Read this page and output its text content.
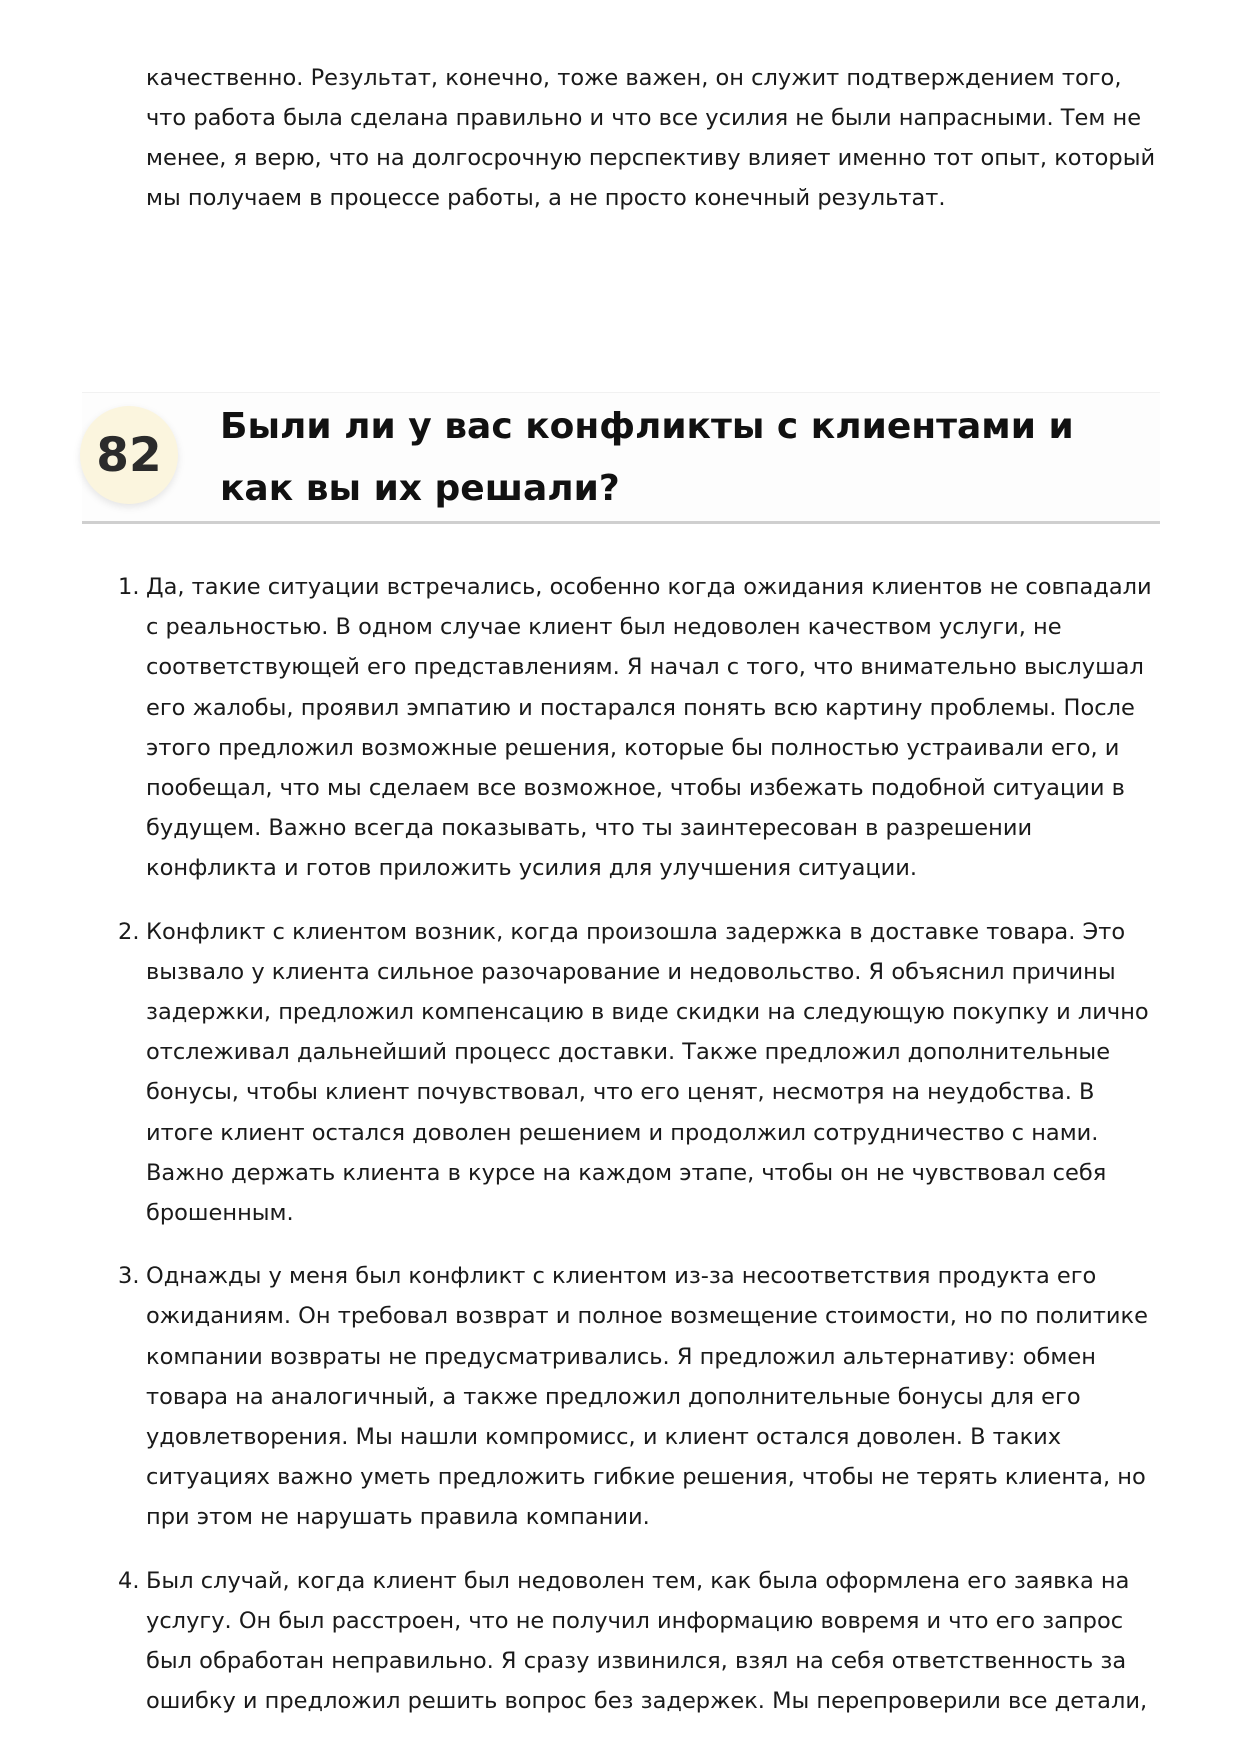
качественно. Результат, конечно, тоже важен, он служит подтверждением того, что работа была сделана правильно и что все усилия не были напрасными. Тем не менее, я верю, что на долгосрочную перспективу влияет именно тот опыт, который мы получаем в процессе работы, а не просто конечный результат.

82
Были ли у вас конфликты с клиентами и как вы их решали?
1. Да, такие ситуации встречались, особенно когда ожидания клиентов не совпадали с реальностью. В одном случае клиент был недоволен качеством услуги, не соответствующей его представлениям. Я начал с того, что внимательно выслушал его жалобы, проявил эмпатию и постарался понять всю картину проблемы. После этого предложил возможные решения, которые бы полностью устраивали его, и пообещал, что мы сделаем все возможное, чтобы избежать подобной ситуации в будущем. Важно всегда показывать, что ты заинтересован в разрешении конфликта и готов приложить усилия для улучшения ситуации.
2. Конфликт с клиентом возник, когда произошла задержка в доставке товара. Это вызвало у клиента сильное разочарование и недовольство. Я объяснил причины задержки, предложил компенсацию в виде скидки на следующую покупку и лично отслеживал дальнейший процесс доставки. Также предложил дополнительные бонусы, чтобы клиент почувствовал, что его ценят, несмотря на неудобства. В итоге клиент остался доволен решением и продолжил сотрудничество с нами. Важно держать клиента в курсе на каждом этапе, чтобы он не чувствовал себя брошенным.
3. Однажды у меня был конфликт с клиентом из-за несоответствия продукта его ожиданиям. Он требовал возврат и полное возмещение стоимости, но по политике компании возвраты не предусматривались. Я предложил альтернативу: обмен товара на аналогичный, а также предложил дополнительные бонусы для его удовлетворения. Мы нашли компромисс, и клиент остался доволен. В таких ситуациях важно уметь предложить гибкие решения, чтобы не терять клиента, но при этом не нарушать правила компании.
4. Был случай, когда клиент был недоволен тем, как была оформлена его заявка на услугу. Он был расстроен, что не получил информацию вовремя и что его запрос был обработан неправильно. Я сразу извинился, взял на себя ответственность за ошибку и предложил решить вопрос без задержек. Мы перепроверили все детали,
